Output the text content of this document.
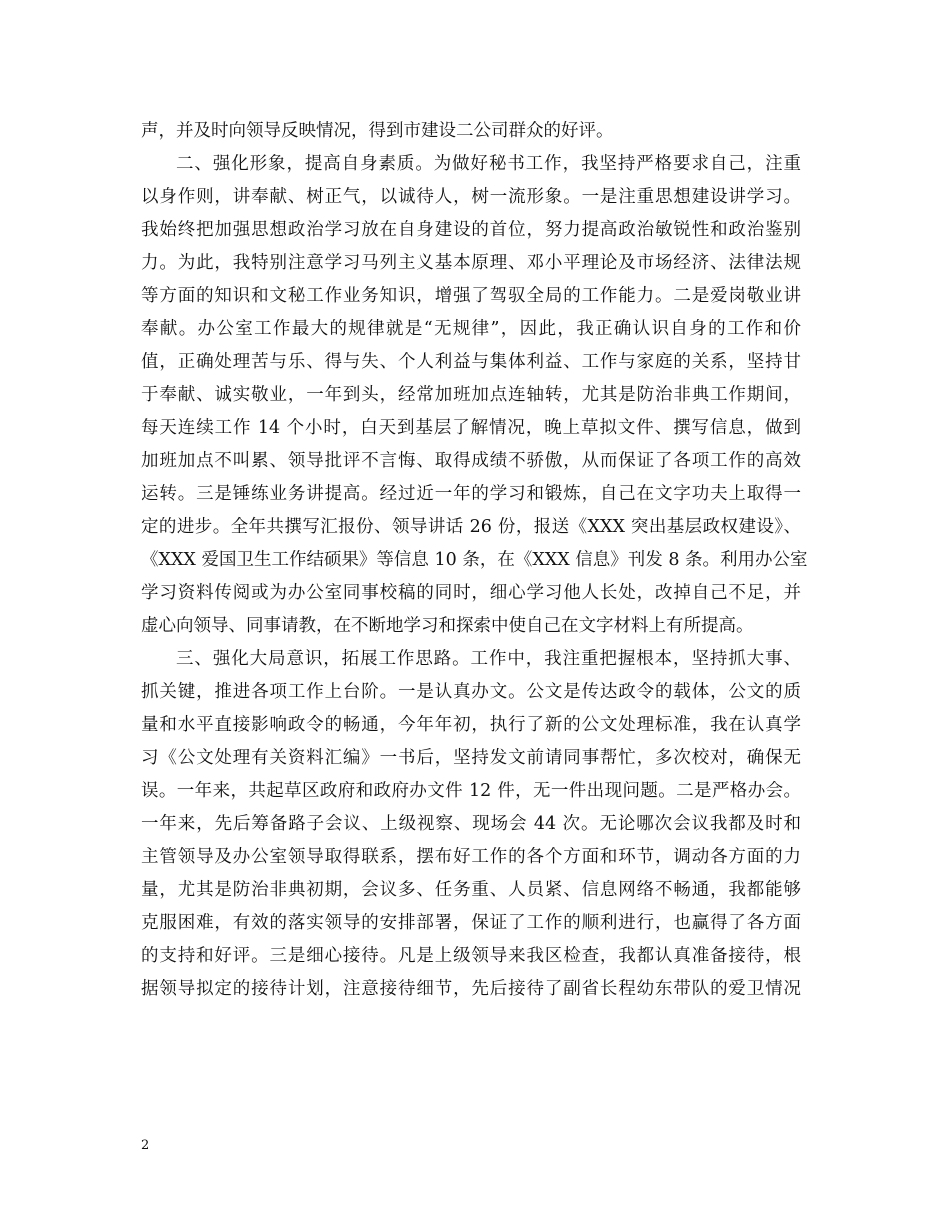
声，并及时向领导反映情况，得到市建设二公司群众的好评。
二、强化形象，提高自身素质。为做好秘书工作，我坚持严格要求自己，注重
以身作则，讲奉献、树正气，以诚待人，树一流形象。一是注重思想建设讲学习。
我始终把加强思想政治学习放在自身建设的首位，努力提高政治敏锐性和政治鉴别
力。为此，我特别注意学习马列主义基本原理、邓小平理论及市场经济、法律法规
等方面的知识和文秘工作业务知识，增强了驾驭全局的工作能力。二是爱岗敬业讲
奉献。办公室工作最大的规律就是“无规律”，因此，我正确认识自身的工作和价
值，正确处理苦与乐、得与失、个人利益与集体利益、工作与家庭的关系，坚持甘
于奉献、诚实敬业，一年到头，经常加班加点连轴转，尤其是防治非典工作期间，
每天连续工作 14 个小时，白天到基层了解情况，晚上草拟文件、撰写信息，做到
加班加点不叫累、领导批评不言悔、取得成绩不骄傲，从而保证了各项工作的高效
运转。三是锤练业务讲提高。经过近一年的学习和锻炼，自己在文字功夫上取得一
定的进步。全年共撰写汇报份、领导讲话 26 份，报送《XXX 突出基层政权建设》、
《XXX 爱国卫生工作结硕果》等信息 10 条，在《XXX 信息》刊发 8 条。利用办公室
学习资料传阅或为办公室同事校稿的同时，细心学习他人长处，改掉自己不足，并
虚心向领导、同事请教，在不断地学习和探索中使自己在文字材料上有所提高。
三、强化大局意识，拓展工作思路。工作中，我注重把握根本，坚持抓大事、
抓关键，推进各项工作上台阶。一是认真办文。公文是传达政令的载体，公文的质
量和水平直接影响政令的畅通，今年年初，执行了新的公文处理标准，我在认真学
习《公文处理有关资料汇编》一书后，坚持发文前请同事帮忙，多次校对，确保无
误。一年来，共起草区政府和政府办文件 12 件，无一件出现问题。二是严格办会。
一年来，先后筹备路子会议、上级视察、现场会 44 次。无论哪次会议我都及时和
主管领导及办公室领导取得联系，摆布好工作的各个方面和环节，调动各方面的力
量，尤其是防治非典初期，会议多、任务重、人员紧、信息网络不畅通，我都能够
克服困难，有效的落实领导的安排部署，保证了工作的顺利进行，也赢得了各方面
的支持和好评。三是细心接待。凡是上级领导来我区检查，我都认真准备接待，根
据领导拟定的接待计划，注意接待细节，先后接待了副省长程幼东带队的爱卫情况
2
